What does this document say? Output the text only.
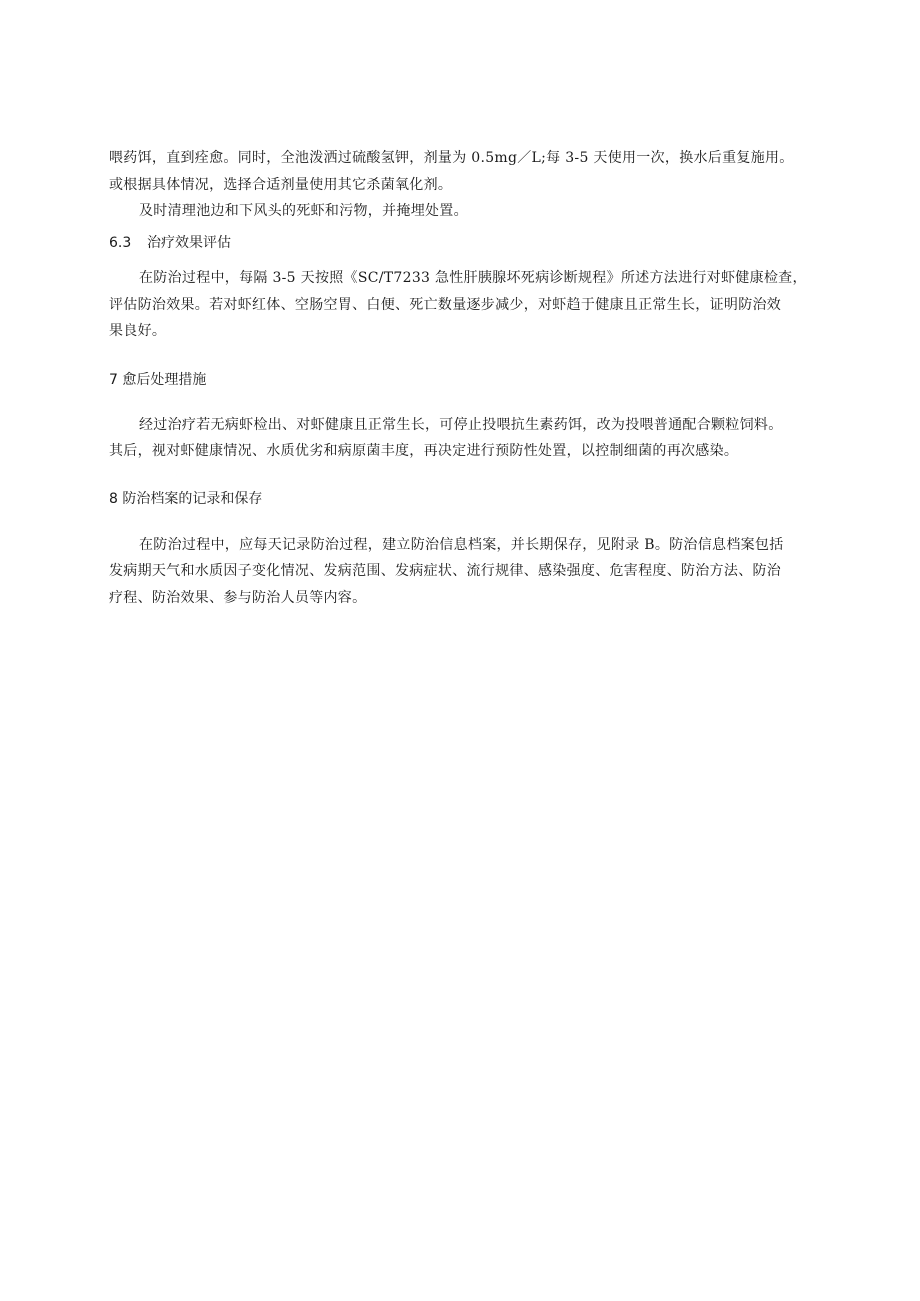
喂药饵，直到痊愈。同时，全池泼洒过硫酸氢钾，剂量为 0.5mg／L;每 3-5 天使用一次，换水后重复施用。
或根据具体情况，选择合适剂量使用其它杀菌氧化剂。
及时清理池边和下风头的死虾和污物，并掩埋处置。
6.3 治疗效果评估
在防治过程中，每隔 3-5 天按照《SC/T7233 急性肝胰腺坏死病诊断规程》所述方法进行对虾健康检查，
评估防治效果。若对虾红体、空肠空胃、白便、死亡数量逐步减少，对虾趋于健康且正常生长，证明防治效
果良好。
7 愈后处理措施
经过治疗若无病虾检出、对虾健康且正常生长，可停止投喂抗生素药饵，改为投喂普通配合颗粒饲料。
其后，视对虾健康情况、水质优劣和病原菌丰度，再决定进行预防性处置，以控制细菌的再次感染。
8 防治档案的记录和保存
在防治过程中，应每天记录防治过程，建立防治信息档案，并长期保存，见附录 B。防治信息档案包括
发病期天气和水质因子变化情况、发病范围、发病症状、流行规律、感染强度、危害程度、防治方法、防治
疗程、防治效果、参与防治人员等内容。
